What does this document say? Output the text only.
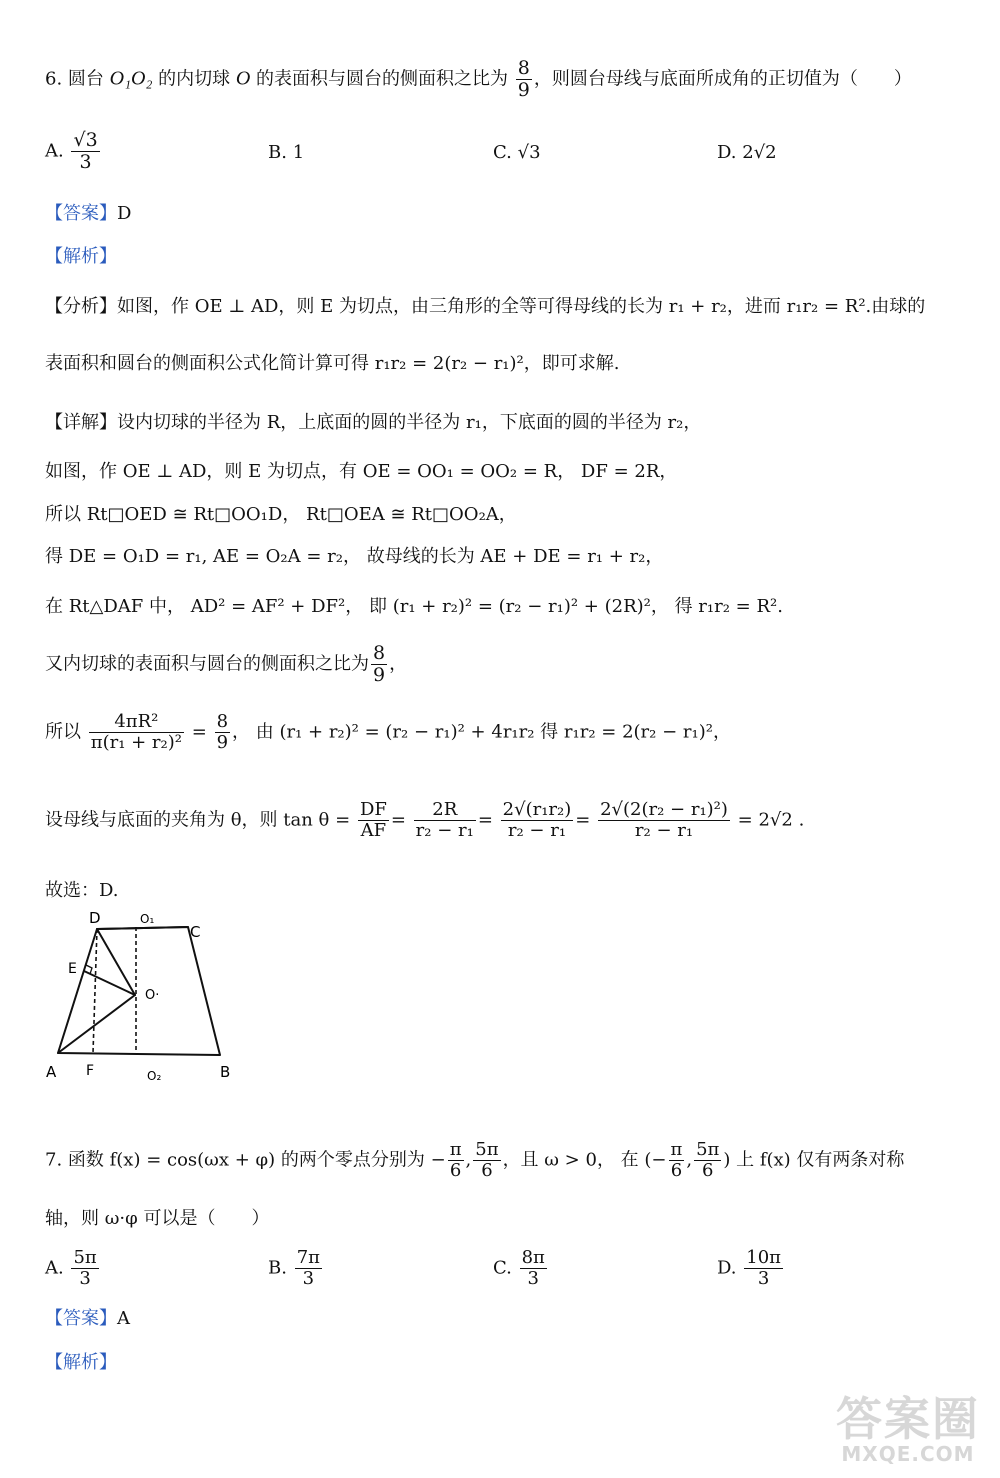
6. 圆台 O₁O₂ 的内切球 O 的表面积与圆台的侧面积之比为 $\frac{8}{9}$ ，则圆台母线与底面所成角的正切值为（　　）
A. $\frac{√3}{3}$	B. 1	C. √3	D. 2√2
【答案】D
【解析】
【分析】如图，作 OE ⊥ AD，则 E 为切点，由三角形的全等可得母线的长为 r₁ + r₂，进而 r₁r₂ = R².由球的
表面积和圆台的侧面积公式化简计算可得 r₁r₂ = 2(r₂ − r₁)²，即可求解.
【详解】设内切球的半径为 R，上底面的圆的半径为 r₁，下底面的圆的半径为 r₂，
如图，作 OE ⊥ AD，则 E 为切点，有 OE = OO₁ = OO₂ = R， DF = 2R，
所以 Rt□OED ≅ Rt□OO₁D， Rt□OEA ≅ Rt□OO₂A，
得 DE = O₁D = r₁, AE = O₂A = r₂， 故母线的长为 AE + DE = r₁ + r₂，
在 Rt△DAF 中， AD² = AF² + DF²， 即 (r₁ + r₂)² = (r₂ − r₁)² + (2R)²， 得 r₁r₂ = R².
又内切球的表面积与圆台的侧面积之比为 $\frac{8}{9}$ ，
所以 $\frac{\text{4πR²}}{\text{π(r₁ + r₂)²}} = \frac{8}{9}$ ， 由 (r₁ + r₂)² = (r₂ − r₁)² + 4r₁r₂ 得 r₁r₂ = 2(r₂ − r₁)²，
设母线与底面的夹角为 θ，则 $\tan \theta = \frac{DF}{AF} = \frac{2R}{\text{r₂ − r₁}} = \frac{\text{2√(r₁r₂)}}{\text{r₂ − r₁}} = \frac{\text{2√(2(r₂ − r₁)²)}}{\text{r₂ − r₁}} = 2√2$ .
故选：D.
D	O₁
C
E
O·
A F	O₂	B
7. 函数 f(x) = cos(ωx + φ) 的两个零点分别为 − $\frac{\pi}{6}$ , $\frac{5\pi}{6}$ ，且 ω > 0， 在 (− $\frac{\pi}{6}$ , $\frac{5\pi}{6}$ ) 上 f(x) 仅有两条对称
轴，则 ω·φ 可以是（　　）
A. $\frac{5\pi}{3}$	B. $\frac{7\pi}{3}$	C. $\frac{8\pi}{3}$	D. $\frac{10\pi}{3}$
【答案】A
【解析】
答案圈
MXQE.COM
